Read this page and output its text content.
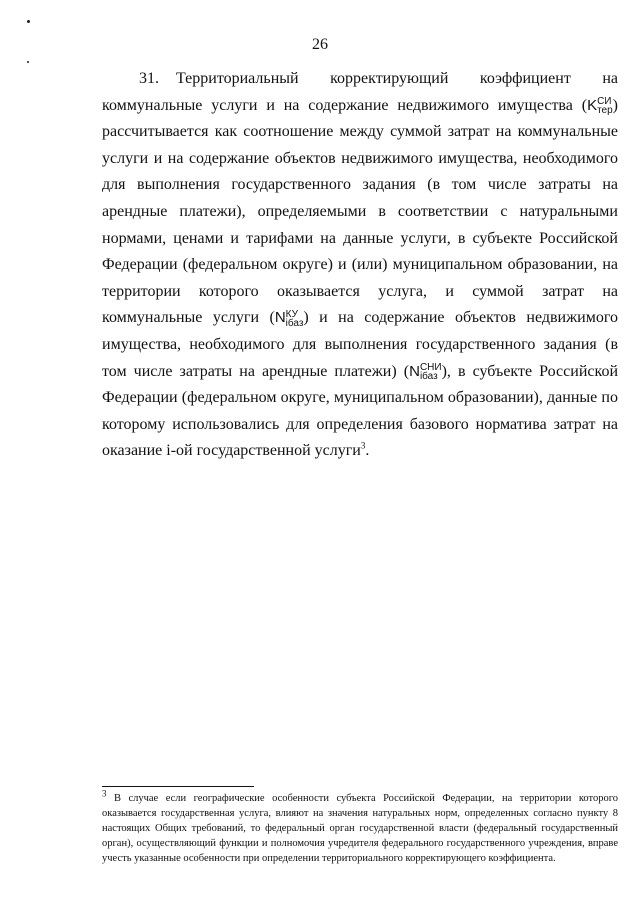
26
31. Территориальный корректирующий коэффициент на коммунальные услуги и на содержание недвижимого имущества (K СИ
тер ) рассчитывается как соотношение между суммой затрат на коммунальные услуги и на содержание объектов недвижимого имущества, необходимого для выполнения государственного задания (в том числе затраты на арендные платежи), определяемыми в соответствии с натуральными нормами, ценами и тарифами на данные услуги, в субъекте Российской Федерации (федеральном округе) и (или) муниципальном образовании, на территории которого оказывается услуга, и суммой затрат на коммунальные услуги (N КУ
iбаз ) и на содержание объектов недвижимого имущества, необходимого для выполнения государственного задания (в том числе затраты на арендные платежи) (N СНИ
iбаз ), в субъекте Российской Федерации (федеральном округе, муниципальном образовании), данные по которому использовались для определения базового норматива затрат на оказание i-ой государственной услуги$^3$.
3 В случае если географические особенности субъекта Российской Федерации, на территории которого оказывается государственная услуга, влияют на значения натуральных норм, определенных согласно пункту 8 настоящих Общих требований, то федеральный орган государственной власти (федеральный государственный орган), осуществляющий функции и полномочия учредителя федерального государственного учреждения, вправе учесть указанные особенности при определении территориального корректирующего коэффициента.
